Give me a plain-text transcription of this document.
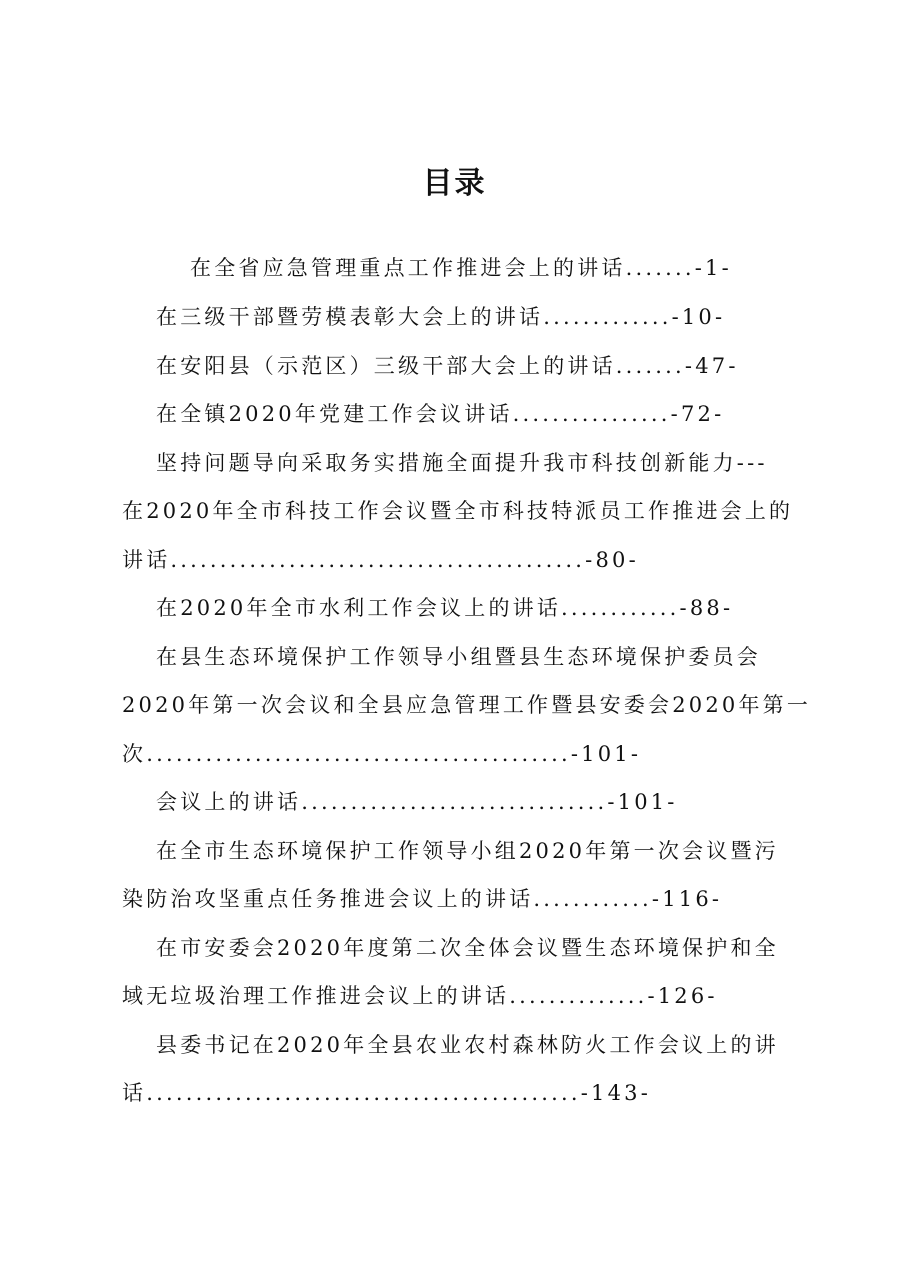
目录
在全省应急管理重点工作推进会上的讲话.......-1-
在三级干部暨劳模表彰大会上的讲话.............-10-
在安阳县（示范区）三级干部大会上的讲话.......-47-
在全镇2020年党建工作会议讲话................-72-
坚持问题导向采取务实措施全面提升我市科技创新能力---
在2020年全市科技工作会议暨全市科技特派员工作推进会上的
讲话..........................................-80-
在2020年全市水利工作会议上的讲话............-88-
在县生态环境保护工作领导小组暨县生态环境保护委员会
2020年第一次会议和全县应急管理工作暨县安委会2020年第一
次...........................................-101-
会议上的讲话...............................-101-
在全市生态环境保护工作领导小组2020年第一次会议暨污
染防治攻坚重点任务推进会议上的讲话............-116-
在市安委会2020年度第二次全体会议暨生态环境保护和全
域无垃圾治理工作推进会议上的讲话..............-126-
县委书记在2020年全县农业农村森林防火工作会议上的讲
话............................................-143-
